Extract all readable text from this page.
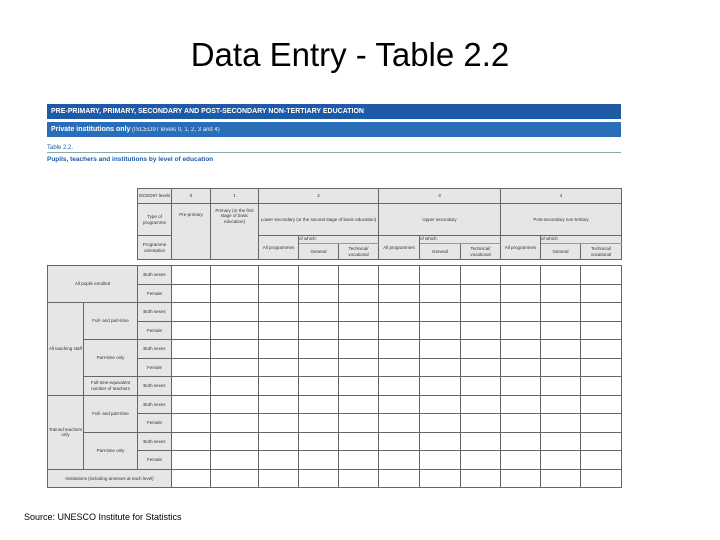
Data Entry - Table 2.2
PRE-PRIMARY, PRIMARY, SECONDARY AND POST-SECONDARY NON-TERTIARY EDUCATION
Private institutions only (ISCED97 levels 0, 1, 2, 3 and 4)
Table 2.2.
Pupils, teachers and institutions by level of education
ISCED97 levels	0	1	2			3			4		
Type of programme	Pre-primary	Primary (or the first stage of basic education)	Lower secondary (or the second stage of basic education)			Upper secondary			Post-secondary non-tertiary		
Programme orientation			All programmes	of which:		All programmes	of which:		All programmes	of which:	
				General	Technical/ vocational		General	Technical/ vocational		General	Technical/ vocational
All pupils enrolled		Both sexes											
		Female											
All teaching staff	Full- and part-time	Both sexes											
		Female											
	Part-time only	Both sexes											
		Female											
	Full-time-equivalent number of teachers	Both sexes											
Trained teachers only	Full- and part-time	Both sexes											
		Female											
	Part-time only	Both sexes											
		Female											
Institutions (including annexes at each level)													
Source: UNESCO Institute for Statistics
